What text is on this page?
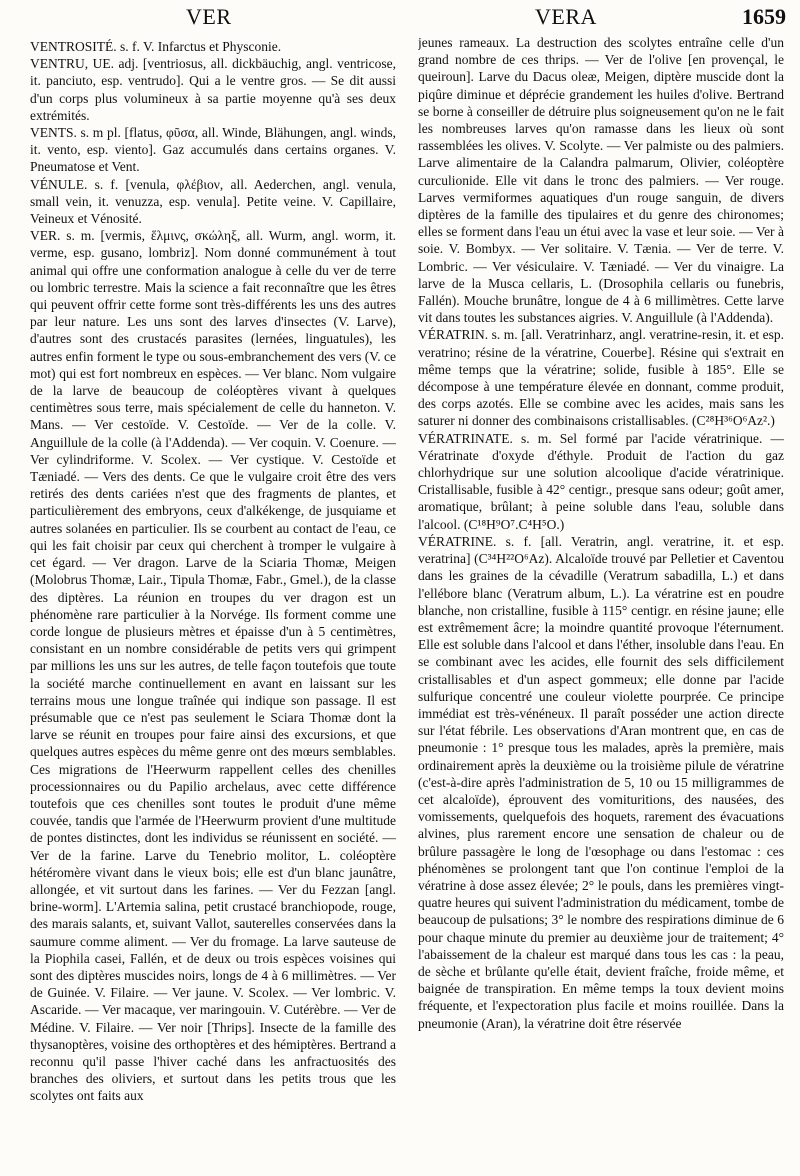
VER	VERA	1659

VENTROSITÉ. s. f. V. Infarctus et Physconie.

VENTRU, UE. adj. [ventriosus, all. dickbäuchig, angl. ventricose, it. panciuto, esp. ventrudo]. Qui a le ventre gros. — Se dit aussi d'un corps plus volumineux à sa partie moyenne qu'à ses deux extrémités.

VENTS. s. m pl. [flatus, φῦσα, all. Winde, Blähungen, angl. winds, it. vento, esp. viento]. Gaz accumulés dans certains organes. V. Pneumatose et Vent.

VÉNULE. s. f. [venula, φλέβιον, all. Aederchen, angl. venula, small vein, it. venuzza, esp. venula]. Petite veine. V. Capillaire, Veineux et Vénosité.

VER. s. m. [vermis, ἕλμινς, σκώληξ, all. Wurm, angl. worm, it. verme, esp. gusano, lombriz]. Nom donné communément à tout animal qui offre une conformation analogue à celle du ver de terre ou lombric terrestre. Mais la science a fait reconnaître que les êtres qui peuvent offrir cette forme sont très-différents les uns des autres par leur nature. Les uns sont des larves d'insectes (V. Larve), d'autres sont des crustacés parasites (lernées, linguatules), les autres enfin forment le type ou sous-embranchement des vers (V. ce mot) qui est fort nombreux en espèces. — Ver blanc. Nom vulgaire de la larve de beaucoup de coléoptères vivant à quelques centimètres sous terre, mais spécialement de celle du hanneton. V. Mans. — Ver cestoïde. V. Cestoïde. — Ver de la colle. V. Anguillule de la colle (à l'Addenda). — Ver coquin. V. Coenure. — Ver cylindriforme. V. Scolex. — Ver cystique. V. Cestoïde et Tæniadé. — Vers des dents. Ce que le vulgaire croit être des vers retirés des dents cariées n'est que des fragments de plantes, et particulièrement des embryons, ceux d'alkékenge, de jusquiame et autres solanées en particulier. Ils se courbent au contact de l'eau, ce qui les fait choisir par ceux qui cherchent à tromper le vulgaire à cet égard. — Ver dragon. Larve de la Sciaria Thomæ, Meigen (Molobrus Thomæ, Lair., Tipula Thomæ, Fabr., Gmel.), de la classe des diptères. La réunion en troupes du ver dragon est un phénomène rare particulier à la Norvége. Ils forment comme une corde longue de plusieurs mètres et épaisse d'un à 5 centimètres, consistant en un nombre considérable de petits vers qui grimpent par millions les uns sur les autres, de telle façon toutefois que toute la société marche continuellement en avant en laissant sur les terrains mous une longue traînée qui indique son passage. Il est présumable que ce n'est pas seulement le Sciara Thomæ dont la larve se réunit en troupes pour faire ainsi des excursions, et que quelques autres espèces du même genre ont des mœurs semblables. Ces migrations de l'Heerwurm rappellent celles des chenilles processionnaires ou du Papilio archelaus, avec cette différence toutefois que ces chenilles sont toutes le produit d'une même couvée, tandis que l'armée de l'Heerwurm provient d'une multitude de pontes distinctes, dont les individus se réunissent en société. — Ver de la farine. Larve du Tenebrio molitor, L. coléoptère hétéromère vivant dans le vieux bois; elle est d'un blanc jaunâtre, allongée, et vit surtout dans les farines. — Ver du Fezzan [angl. brine-worm]. L'Artemia salina, petit crustacé branchiopode, rouge, des marais salants, et, suivant Vallot, sauterelles conservées dans la saumure comme aliment. — Ver du fromage. La larve sauteuse de la Piophila casei, Fallén, et de deux ou trois espèces voisines qui sont des diptères muscides noirs, longs de 4 à 6 millimètres. — Ver de Guinée. V. Filaire. — Ver jaune. V. Scolex. — Ver lombric. V. Ascaride. — Ver macaque, ver maringouin. V. Cutérèbre. — Ver de Médine. V. Filaire. — Ver noir [Thrips]. Insecte de la famille des thysanoptères, voisine des orthoptères et des hémiptères. Bertrand a reconnu qu'il passe l'hiver caché dans les anfractuosités des branches des oliviers, et surtout dans les petits trous que les scolytes ont faits aux

jeunes rameaux. La destruction des scolytes entraîne celle d'un grand nombre de ces thrips. — Ver de l'olive [en provençal, le queiroun]. Larve du Dacus oleæ, Meigen, diptère muscide dont la piqûre diminue et déprécie grandement les huiles d'olive. Bertrand se borne à conseiller de détruire plus soigneusement qu'on ne le fait les nombreuses larves qu'on ramasse dans les lieux où sont rassemblées les olives. V. Scolyte. — Ver palmiste ou des palmiers. Larve alimentaire de la Calandra palmarum, Olivier, coléoptère curculionide. Elle vit dans le tronc des palmiers. — Ver rouge. Larves vermiformes aquatiques d'un rouge sanguin, de divers diptères de la famille des tipulaires et du genre des chironomes; elles se forment dans l'eau un étui avec la vase et leur soie. — Ver à soie. V. Bombyx. — Ver solitaire. V. Tænia. — Ver de terre. V. Lombric. — Ver vésiculaire. V. Tæniadé. — Ver du vinaigre. La larve de la Musca cellaris, L. (Drosophila cellaris ou funebris, Fallén). Mouche brunâtre, longue de 4 à 6 millimètres. Cette larve vit dans toutes les substances aigries. V. Anguillule (à l'Addenda).

VÉRATRIN. s. m. [all. Veratrinharz, angl. veratrine-resin, it. et esp. veratrino; résine de la vératrine, Couerbe]. Résine qui s'extrait en même temps que la vératrine; solide, fusible à 185°. Elle se décompose à une température élevée en donnant, comme produit, des corps azotés. Elle se combine avec les acides, mais sans les saturer ni donner des combinaisons cristallisables. (C²⁸H³⁶O⁶Az².)

VÉRATRINATE. s. m. Sel formé par l'acide vératrinique. — Vératrinate d'oxyde d'éthyle. Produit de l'action du gaz chlorhydrique sur une solution alcoolique d'acide vératrinique. Cristallisable, fusible à 42° centigr., presque sans odeur; goût amer, aromatique, brûlant; à peine soluble dans l'eau, soluble dans l'alcool. (C¹⁸H⁹O⁷.C⁴H⁵O.)

VÉRATRINE. s. f. [all. Veratrin, angl. veratrine, it. et esp. veratrina] (C³⁴H²²O⁶Az). Alcaloïde trouvé par Pelletier et Caventou dans les graines de la cévadille (Veratrum sabadilla, L.) et dans l'ellébore blanc (Veratrum album, L.). La vératrine est en poudre blanche, non cristalline, fusible à 115° centigr. en résine jaune; elle est extrêmement âcre; la moindre quantité provoque l'éternument. Elle est soluble dans l'alcool et dans l'éther, insoluble dans l'eau. En se combinant avec les acides, elle fournit des sels difficilement cristallisables et d'un aspect gommeux; elle donne par l'acide sulfurique concentré une couleur violette pourprée. Ce principe immédiat est très-vénéneux. Il paraît posséder une action directe sur l'état fébrile. Les observations d'Aran montrent que, en cas de pneumonie : 1° presque tous les malades, après la première, mais ordinairement après la deuxième ou la troisième pilule de vératrine (c'est-à-dire après l'administration de 5, 10 ou 15 milligrammes de cet alcaloïde), éprouvent des vomituritions, des nausées, des vomissements, quelquefois des hoquets, rarement des évacuations alvines, plus rarement encore une sensation de chaleur ou de brûlure passagère le long de l'œsophage ou dans l'estomac : ces phénomènes se prolongent tant que l'on continue l'emploi de la vératrine à dose assez élevée; 2° le pouls, dans les premières vingt-quatre heures qui suivent l'administration du médicament, tombe de beaucoup de pulsations; 3° le nombre des respirations diminue de 6 pour chaque minute du premier au deuxième jour de traitement; 4° l'abaissement de la chaleur est marqué dans tous les cas : la peau, de sèche et brûlante qu'elle était, devient fraîche, froide même, et baignée de transpiration. En même temps la toux devient moins fréquente, et l'expectoration plus facile et moins rouillée. Dans la pneumonie (Aran), la vératrine doit être réservée
